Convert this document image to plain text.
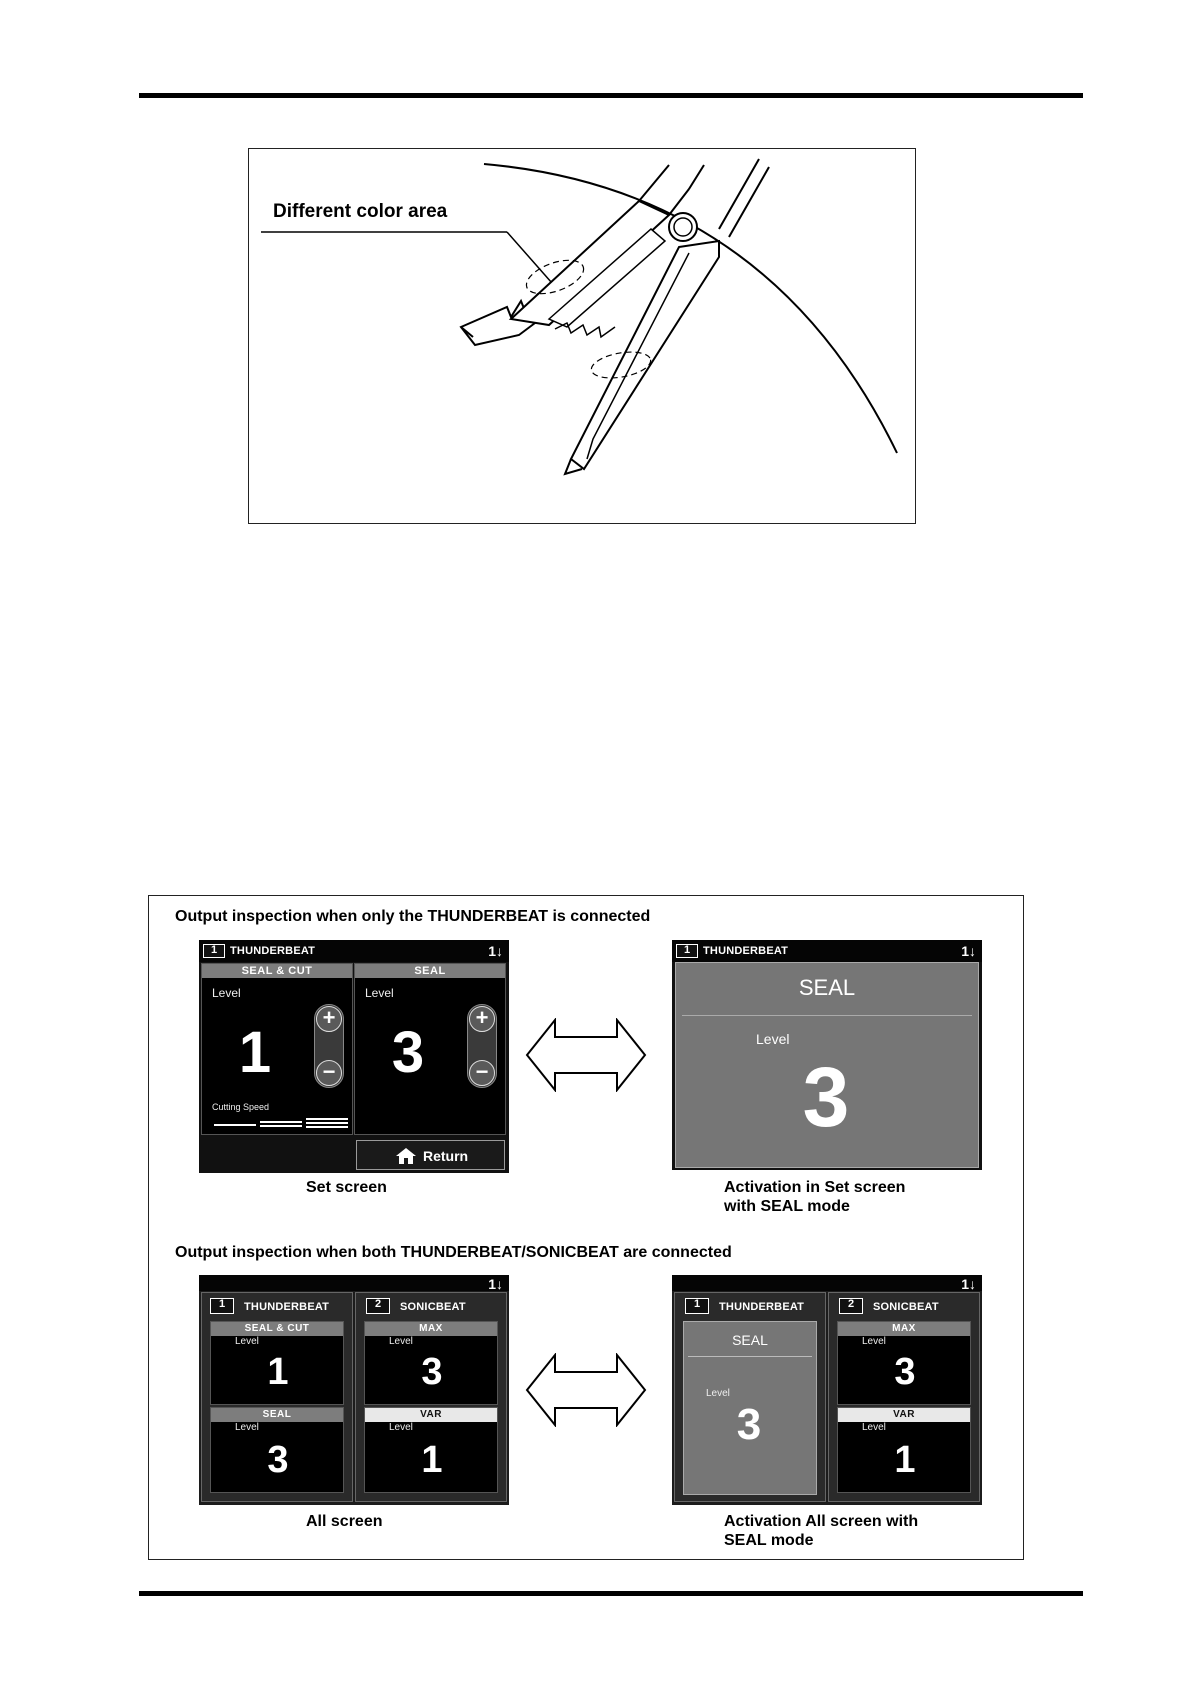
Different color area
Output inspection when only the THUNDERBEAT is connected
Output inspection when both THUNDERBEAT/SONICBEAT are connected
1	THUNDERBEAT	1↓
SEAL & CUT
Level
1
+
−
Cutting Speed
SEAL
Level
3
+
−
Return
Set screen
1	THUNDERBEAT	1↓
SEAL
Level
3
Activation in Set screen
with SEAL mode
1↓
1	THUNDERBEAT
SEAL & CUT
Level
1
SEAL
Level
3
2	SONICBEAT
MAX
Level
3
VAR
Level
1
All screen
1↓
1	THUNDERBEAT
SEAL
Level
3
2	SONICBEAT
MAX
Level
3
VAR
Level
1
Activation All screen with
SEAL mode
